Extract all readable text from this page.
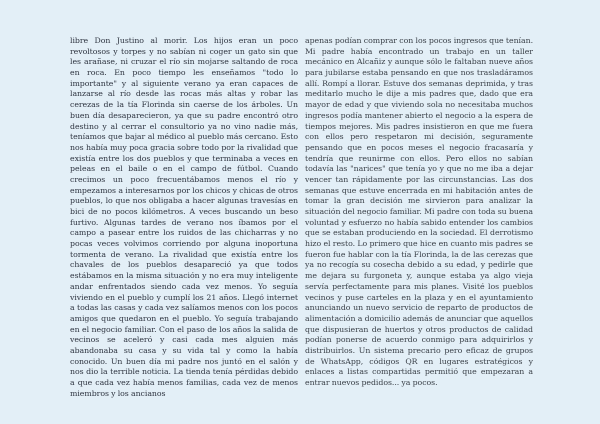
libre Don Justino al morir. Los hijos eran un poco revoltosos y torpes y no sabían ni coger un gato sin que les arañase, ni cruzar el río sin mojarse saltando de roca en roca. En poco tiempo les enseñamos "todo lo importante" y al siguiente verano ya eran capaces de lanzarse al río desde las rocas más altas y robar las cerezas de la tía Florinda sin caerse de los árboles. Un buen día desaparecieron, ya que su padre encontró otro destino y al cerrar el consultorio ya no vino nadie más, teníamos que bajar al médico al pueblo más cercano. Esto nos había muy poca gracia sobre todo por la rivalidad que existía entre los dos pueblos y que terminaba a veces en peleas en el baile o en el campo de fútbol. Cuando crecimos un poco frecuentábamos menos el río y empezamos a interesarnos por los chicos y chicas de otros pueblos, lo que nos obligaba a hacer algunas travesías en bici de no pocos kilómetros. A veces buscando un beso furtivo. Algunas tardes de verano nos íbamos por el campo a pasear entre los ruidos de las chicharras y no pocas veces volvimos corriendo por alguna inoportuna tormenta de verano. La rivalidad que existía entre los chavales de los pueblos desapareció ya que todos estábamos en la misma situación y no era muy inteligente andar enfrentados siendo cada vez menos. Yo seguía viviendo en el pueblo y cumplí los 21 años. Llegó internet a todas las casas y cada vez salíamos menos con los pocos amigos que quedaron en el pueblo. Yo seguía trabajando en el negocio familiar. Con el paso de los años la salida de vecinos se aceleró y casi cada mes alguien más abandonaba su casa y su vida tal y como la había conocido. Un buen día mi padre nos juntó en el salón y nos dio la terrible noticia. La tienda tenía pérdidas debido a que cada vez había menos familias, cada vez de menos miembros y los ancianos

apenas podían comprar con los pocos ingresos que tenían. Mi padre había encontrado un trabajo en un taller mecánico en Alcañiz y aunque sólo le faltaban nueve años para jubilarse estaba pensando en que nos trasladáramos allí. Rompí a llorar. Estuve dos semanas deprimida, y tras meditarlo mucho le dije a mis padres que, dado que era mayor de edad y que viviendo sola no necesitaba muchos ingresos podía mantener abierto el negocio a la espera de tiempos mejores. Mis padres insistieron en que me fuera con ellos pero respetaron mi decisión, seguramente pensando que en pocos meses el negocio fracasaría y tendría que reunirme con ellos. Pero ellos no sabían todavía las "narices" que tenía yo y que no me iba a dejar vencer tan rápidamente por las circunstancias. Las dos semanas que estuve encerrada en mi habitación antes de tomar la gran decisión me sirvieron para analizar la situación del negocio familiar. Mi padre con toda su buena voluntad y esfuerzo no había sabido entender los cambios que se estaban produciendo en la sociedad. El derrotismo hizo el resto. Lo primero que hice en cuanto mis padres se fueron fue hablar con la tía Florinda, la de las cerezas que ya no recogía su cosecha debido a su edad, y pedirle que me dejara su furgoneta y, aunque estaba ya algo vieja servía perfectamente para mis planes. Visité los pueblos vecinos y puse carteles en la plaza y en el ayuntamiento anunciando un nuevo servicio de reparto de productos de alimentación a domicilio además de anunciar que aquellos que dispusieran de huertos y otros productos de calidad podían ponerse de acuerdo conmigo para adquirirlos y distribuirlos. Un sistema precario pero eficaz de grupos de WhatsApp, códigos QR en lugares estratégicos y enlaces a listas compartidas permitió que empezaran a entrar nuevos pedidos... ya pocos.
